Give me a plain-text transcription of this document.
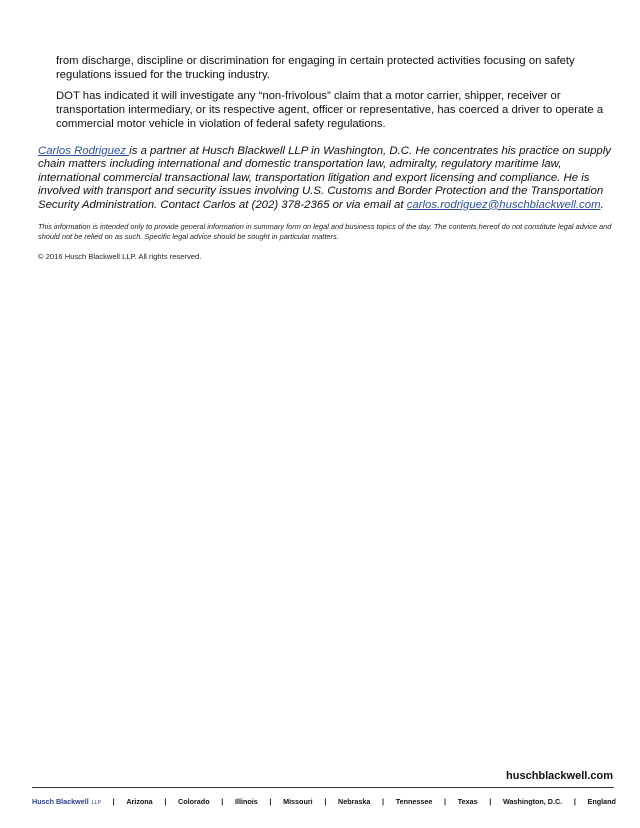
from discharge, discipline or discrimination for engaging in certain protected activities focusing on safety regulations issued for the trucking industry.

DOT has indicated it will investigate any “non-frivolous” claim that a motor carrier, shipper, receiver or transportation intermediary, or its respective agent, officer or representative, has coerced a driver to operate a commercial motor vehicle in violation of federal safety regulations.

Carlos Rodriguez is a partner at Husch Blackwell LLP in Washington, D.C. He concentrates his practice on supply chain matters including international and domestic transportation law, admiralty, regulatory maritime law, international commercial transactional law, transportation litigation and export licensing and compliance. He is involved with transport and security issues involving U.S. Customs and Border Protection and the Transportation Security Administration. Contact Carlos at (202) 378-2365 or via email at carlos.rodriguez@huschblackwell.com.

This information is intended only to provide general information in summary form on legal and business topics of the day. The contents hereof do not constitute legal advice and should not be relied on as such. Specific legal advice should be sought in particular matters.

© 2016 Husch Blackwell LLP. All rights reserved.

huschblackwell.com
Husch Blackwell LLP | Arizona | Colorado | Illinois | Missouri | Nebraska | Tennessee | Texas | Washington, D.C. | England
